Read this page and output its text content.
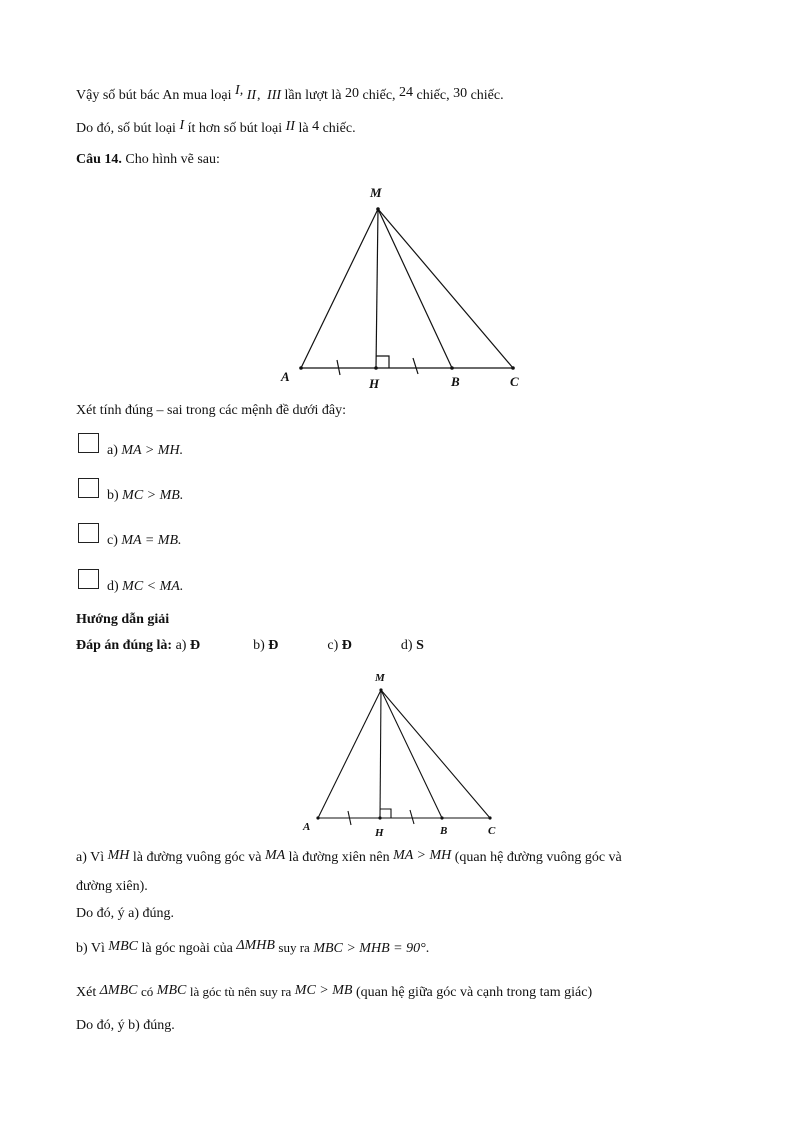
Vậy số bút bác An mua loại I, II, III lần lượt là 20 chiếc, 24 chiếc, 30 chiếc.
Do đó, số bút loại I ít hơn số bút loại II là 4 chiếc.
Câu 14. Cho hình vẽ sau:
M
A	H	B	C
Xét tính đúng – sai trong các mệnh đề dưới đây:
a) MA > MH.
b) MC > MB.
c) MA = MB.
d) MC < MA.
Hướng dẫn giải
Đáp án đúng là: a) Đ	b) Đ	c) Đ	d) S
M
A	H	B	C
a) Vì MH là đường vuông góc và MA là đường xiên nên MA > MH (quan hệ đường vuông góc và
đường xiên).
Do đó, ý a) đúng.
b) Vì MBC là góc ngoài của ΔMHB suy ra MBC > MHB = 90°.
Xét ΔMBC có MBC là góc tù nên suy ra MC > MB (quan hệ giữa góc và cạnh trong tam giác)
Do đó, ý b) đúng.
